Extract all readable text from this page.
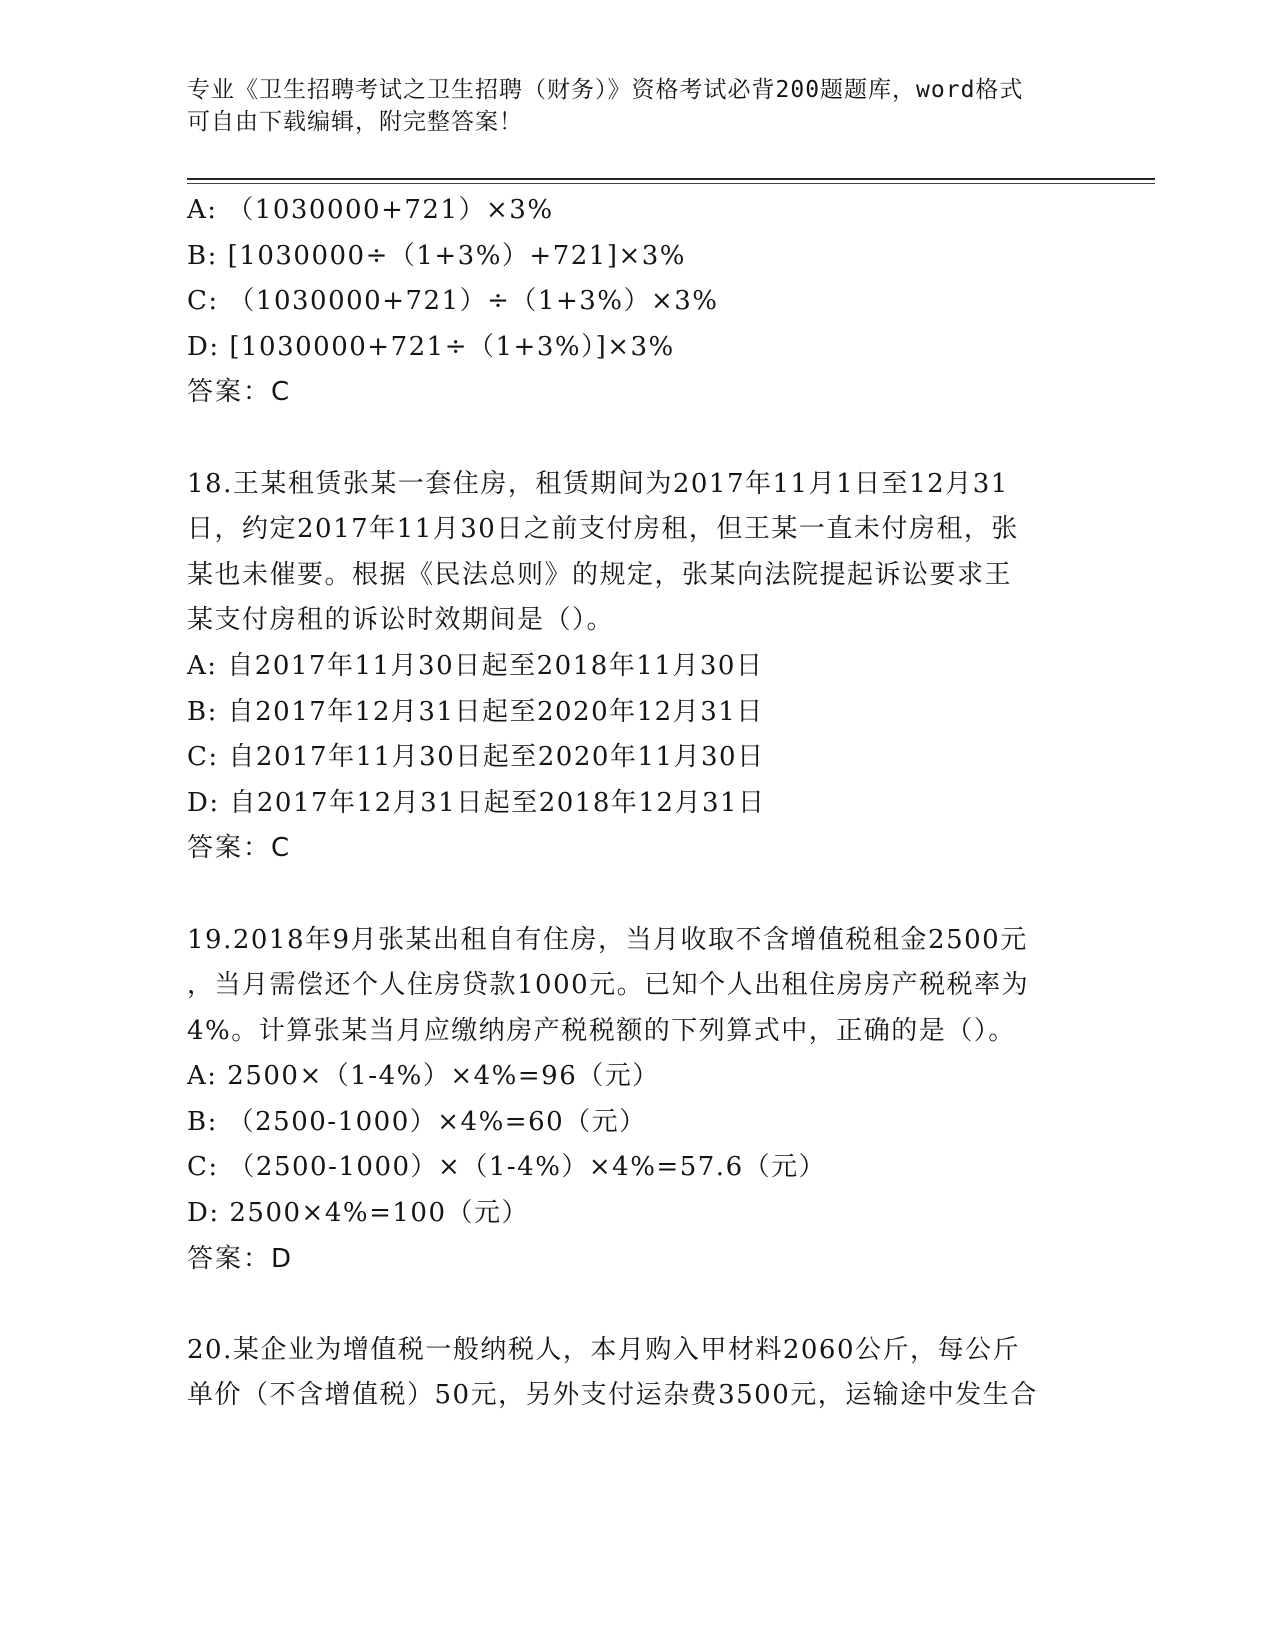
专业《卫生招聘考试之卫生招聘（财务）》资格考试必背200题题库，word格式

可自由下载编辑，附完整答案！

A: （1030000+721）×3%

B: [1030000÷（1+3%）+721]×3%

C: （1030000+721）÷（1+3%）×3%

D: [1030000+721÷（1+3%）]×3%

答案：C

18.王某租赁张某一套住房，租赁期间为2017年11月1日至12月31

日，约定2017年11月30日之前支付房租，但王某一直未付房租，张

某也未催要。根据《民法总则》的规定，张某向法院提起诉讼要求王

某支付房租的诉讼时效期间是（）。

A: 自2017年11月30日起至2018年11月30日

B: 自2017年12月31日起至2020年12月31日

C: 自2017年11月30日起至2020年11月30日

D: 自2017年12月31日起至2018年12月31日

答案：C

19.2018年9月张某出租自有住房，当月收取不含增值税租金2500元

，当月需偿还个人住房贷款1000元。已知个人出租住房房产税税率为

4%。计算张某当月应缴纳房产税税额的下列算式中，正确的是（）。

A: 2500×（1-4%）×4%=96（元）

B: （2500-1000）×4%=60（元）

C: （2500-1000）×（1-4%）×4%=57.6（元）

D: 2500×4%=100（元）

答案：D

20.某企业为增值税一般纳税人，本月购入甲材料2060公斤，每公斤

单价（不含增值税）50元，另外支付运杂费3500元，运输途中发生合
